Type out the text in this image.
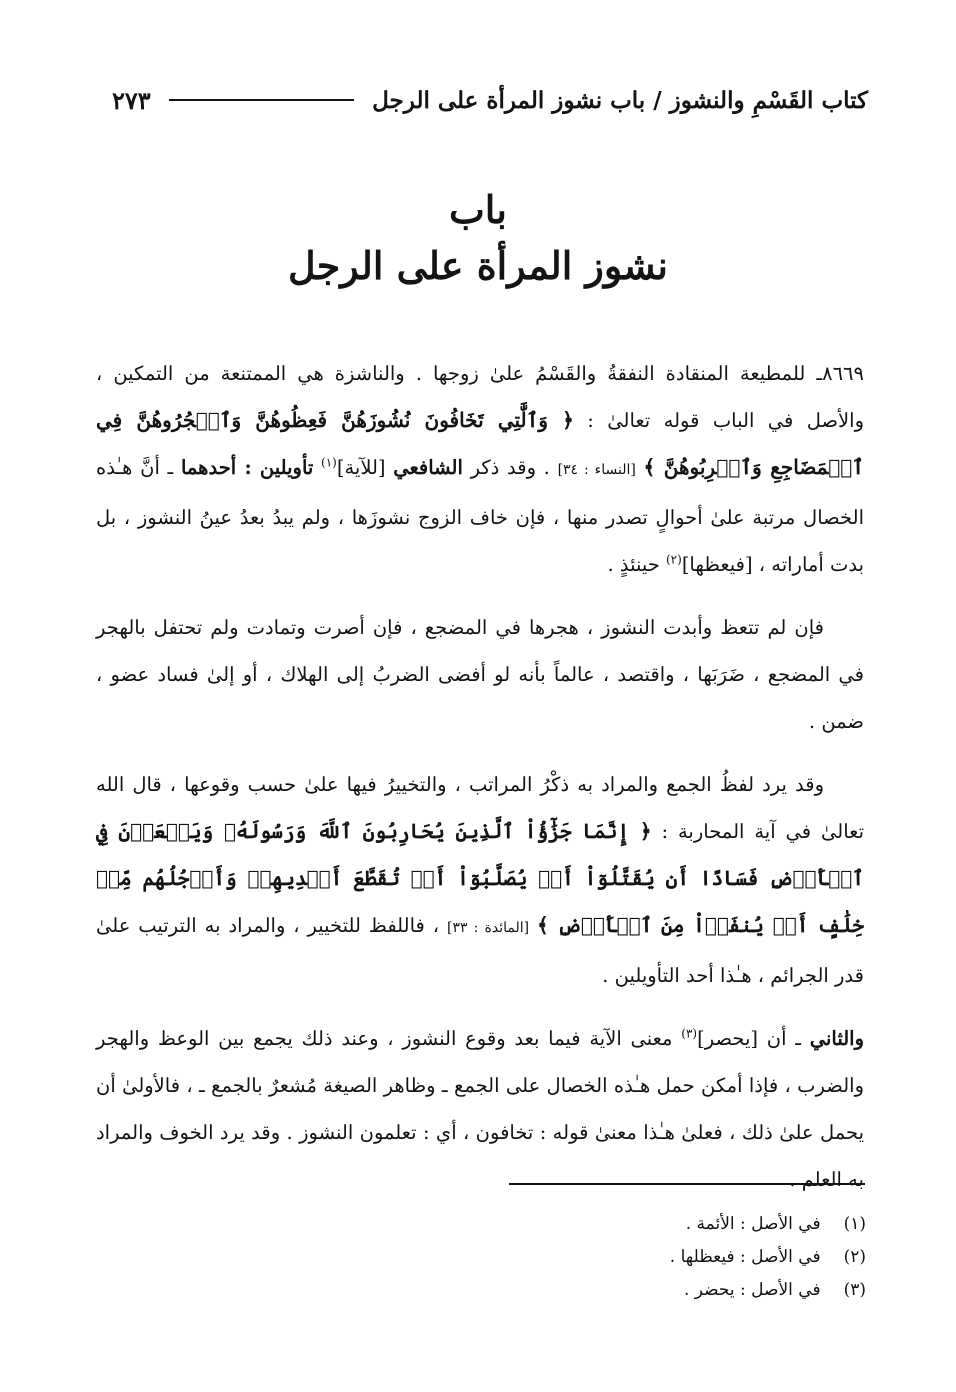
كتاب القَسْمِ والنشوز / باب نشوز المرأة على الرجل
٢٧٣
باب
نشوز المرأة على الرجل

٨٦٦٩ـ للمطيعة المنقادة النفقةُ والقَسْمُ علىٰ زوجها . والناشزة هي الممتنعة من التمكين ، والأصل في الباب قوله تعالىٰ : ﴿ وَٱلَّٰتِي تَخَافُونَ نُشُوزَهُنَّ فَعِظُوهُنَّ وَٱهۡجُرُوهُنَّ فِي ٱلۡمَضَاجِعِ وَٱضۡرِبُوهُنَّ ﴾ [النساء : ٣٤] . وقد ذكر الشافعي [للآية]$^{(١)}$ تأويلين : أحدهما ـ أنَّ هـٰذه الخصال مرتبة علىٰ أحوالٍ تصدر منها ، فإن خاف الزوج نشوزَها ، ولم يبدُ بعدُ عينُ النشوز ، بل بدت أماراته ، [فيعظها]$^{(٢)}$ حينئذٍ .

فإن لم تتعظ وأبدت النشوز ، هجرها في المضجع ، فإن أصرت وتمادت ولم تحتفل بالهجر في المضجع ، ضَرَبَها ، واقتصد ، عالماً بأنه لو أفضى الضربُ إلى الهلاك ، أو إلىٰ فساد عضو ، ضمن .

وقد يرد لفظُ الجمع والمراد به ذكْرُ المراتب ، والتخييرُ فيها علىٰ حسب وقوعها ، قال الله تعالىٰ في آية المحاربة : ﴿ إِنَّمَا جَزَٰٓؤُاْ ٱلَّذِينَ يُحَارِبُونَ ٱللَّهَ وَرَسُولَهُۥ وَيَسۡعَوۡنَ فِي ٱلۡأَرۡضِ فَسَادًا أَن يُقَتَّلُوٓاْ أَوۡ يُصَلَّبُوٓاْ أَوۡ تُقَطَّعَ أَيۡدِيهِمۡ وَأَرۡجُلُهُم مِّنۡ خِلَٰفٍ أَوۡ يُنفَوۡاْ مِنَ ٱلۡأَرۡضِ ﴾ [المائدة : ٣٣] ، فاللفظ للتخيير ، والمراد به الترتيب علىٰ قدر الجرائم ، هـٰذا أحد التأويلين .

والثاني ـ أن [يحصر]$^{(٣)}$ معنى الآية فيما بعد وقوع النشوز ، وعند ذلك يجمع بين الوعظ والهجر والضرب ، فإذا أمكن حمل هـٰذه الخصال على الجمع ـ وظاهر الصيغة مُشعرٌ بالجمع ـ ، فالأولىٰ أن يحمل علىٰ ذلك ، فعلىٰ هـٰذا معنىٰ قوله : تخافون ، أي : تعلمون النشوز . وقد يرد الخوف والمراد به العلم .

(١) في الأصل : الأئمة .
(٢) في الأصل : فيعظلها .
(٣) في الأصل : يحضر .
